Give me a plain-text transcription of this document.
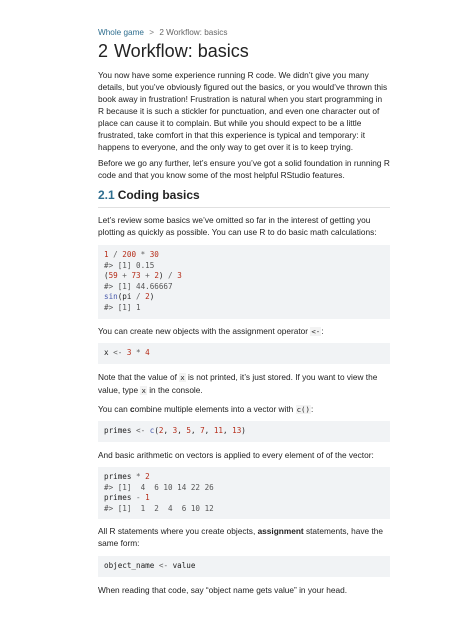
Whole game > 2 Workflow: basics
2 Workflow: basics

You now have some experience running R code. We didn’t give you many details, but you’ve obviously figured out the basics, or you would’ve thrown this book away in frustration! Frustration is natural when you start programming in R because it is such a stickler for punctuation, and even one character out of place can cause it to complain. But while you should expect to be a little frustrated, take comfort in that this experience is typical and temporary: it happens to everyone, and the only way to get over it is to keep trying.

Before we go any further, let’s ensure you’ve got a solid foundation in running R code and that you know some of the most helpful RStudio features.

2.1 Coding basics

Let’s review some basics we’ve omitted so far in the interest of getting you plotting as quickly as possible. You can use R to do basic math calculations:

1 / 200 * 30
#> [1] 0.15
(59 + 73 + 2) / 3
#> [1] 44.66667
sin(pi / 2)
#> [1] 1

You can create new objects with the assignment operator <-:

x <- 3 * 4

Note that the value of x is not printed, it’s just stored. If you want to view the value, type x in the console.

You can combine multiple elements into a vector with c():

primes <- c(2, 3, 5, 7, 11, 13)

And basic arithmetic on vectors is applied to every element of of the vector:

primes * 2
#> [1]  4  6 10 14 22 26
primes - 1
#> [1]  1  2  4  6 10 12

All R statements where you create objects, assignment statements, have the same form:

object_name <- value

When reading that code, say “object name gets value” in your head.
